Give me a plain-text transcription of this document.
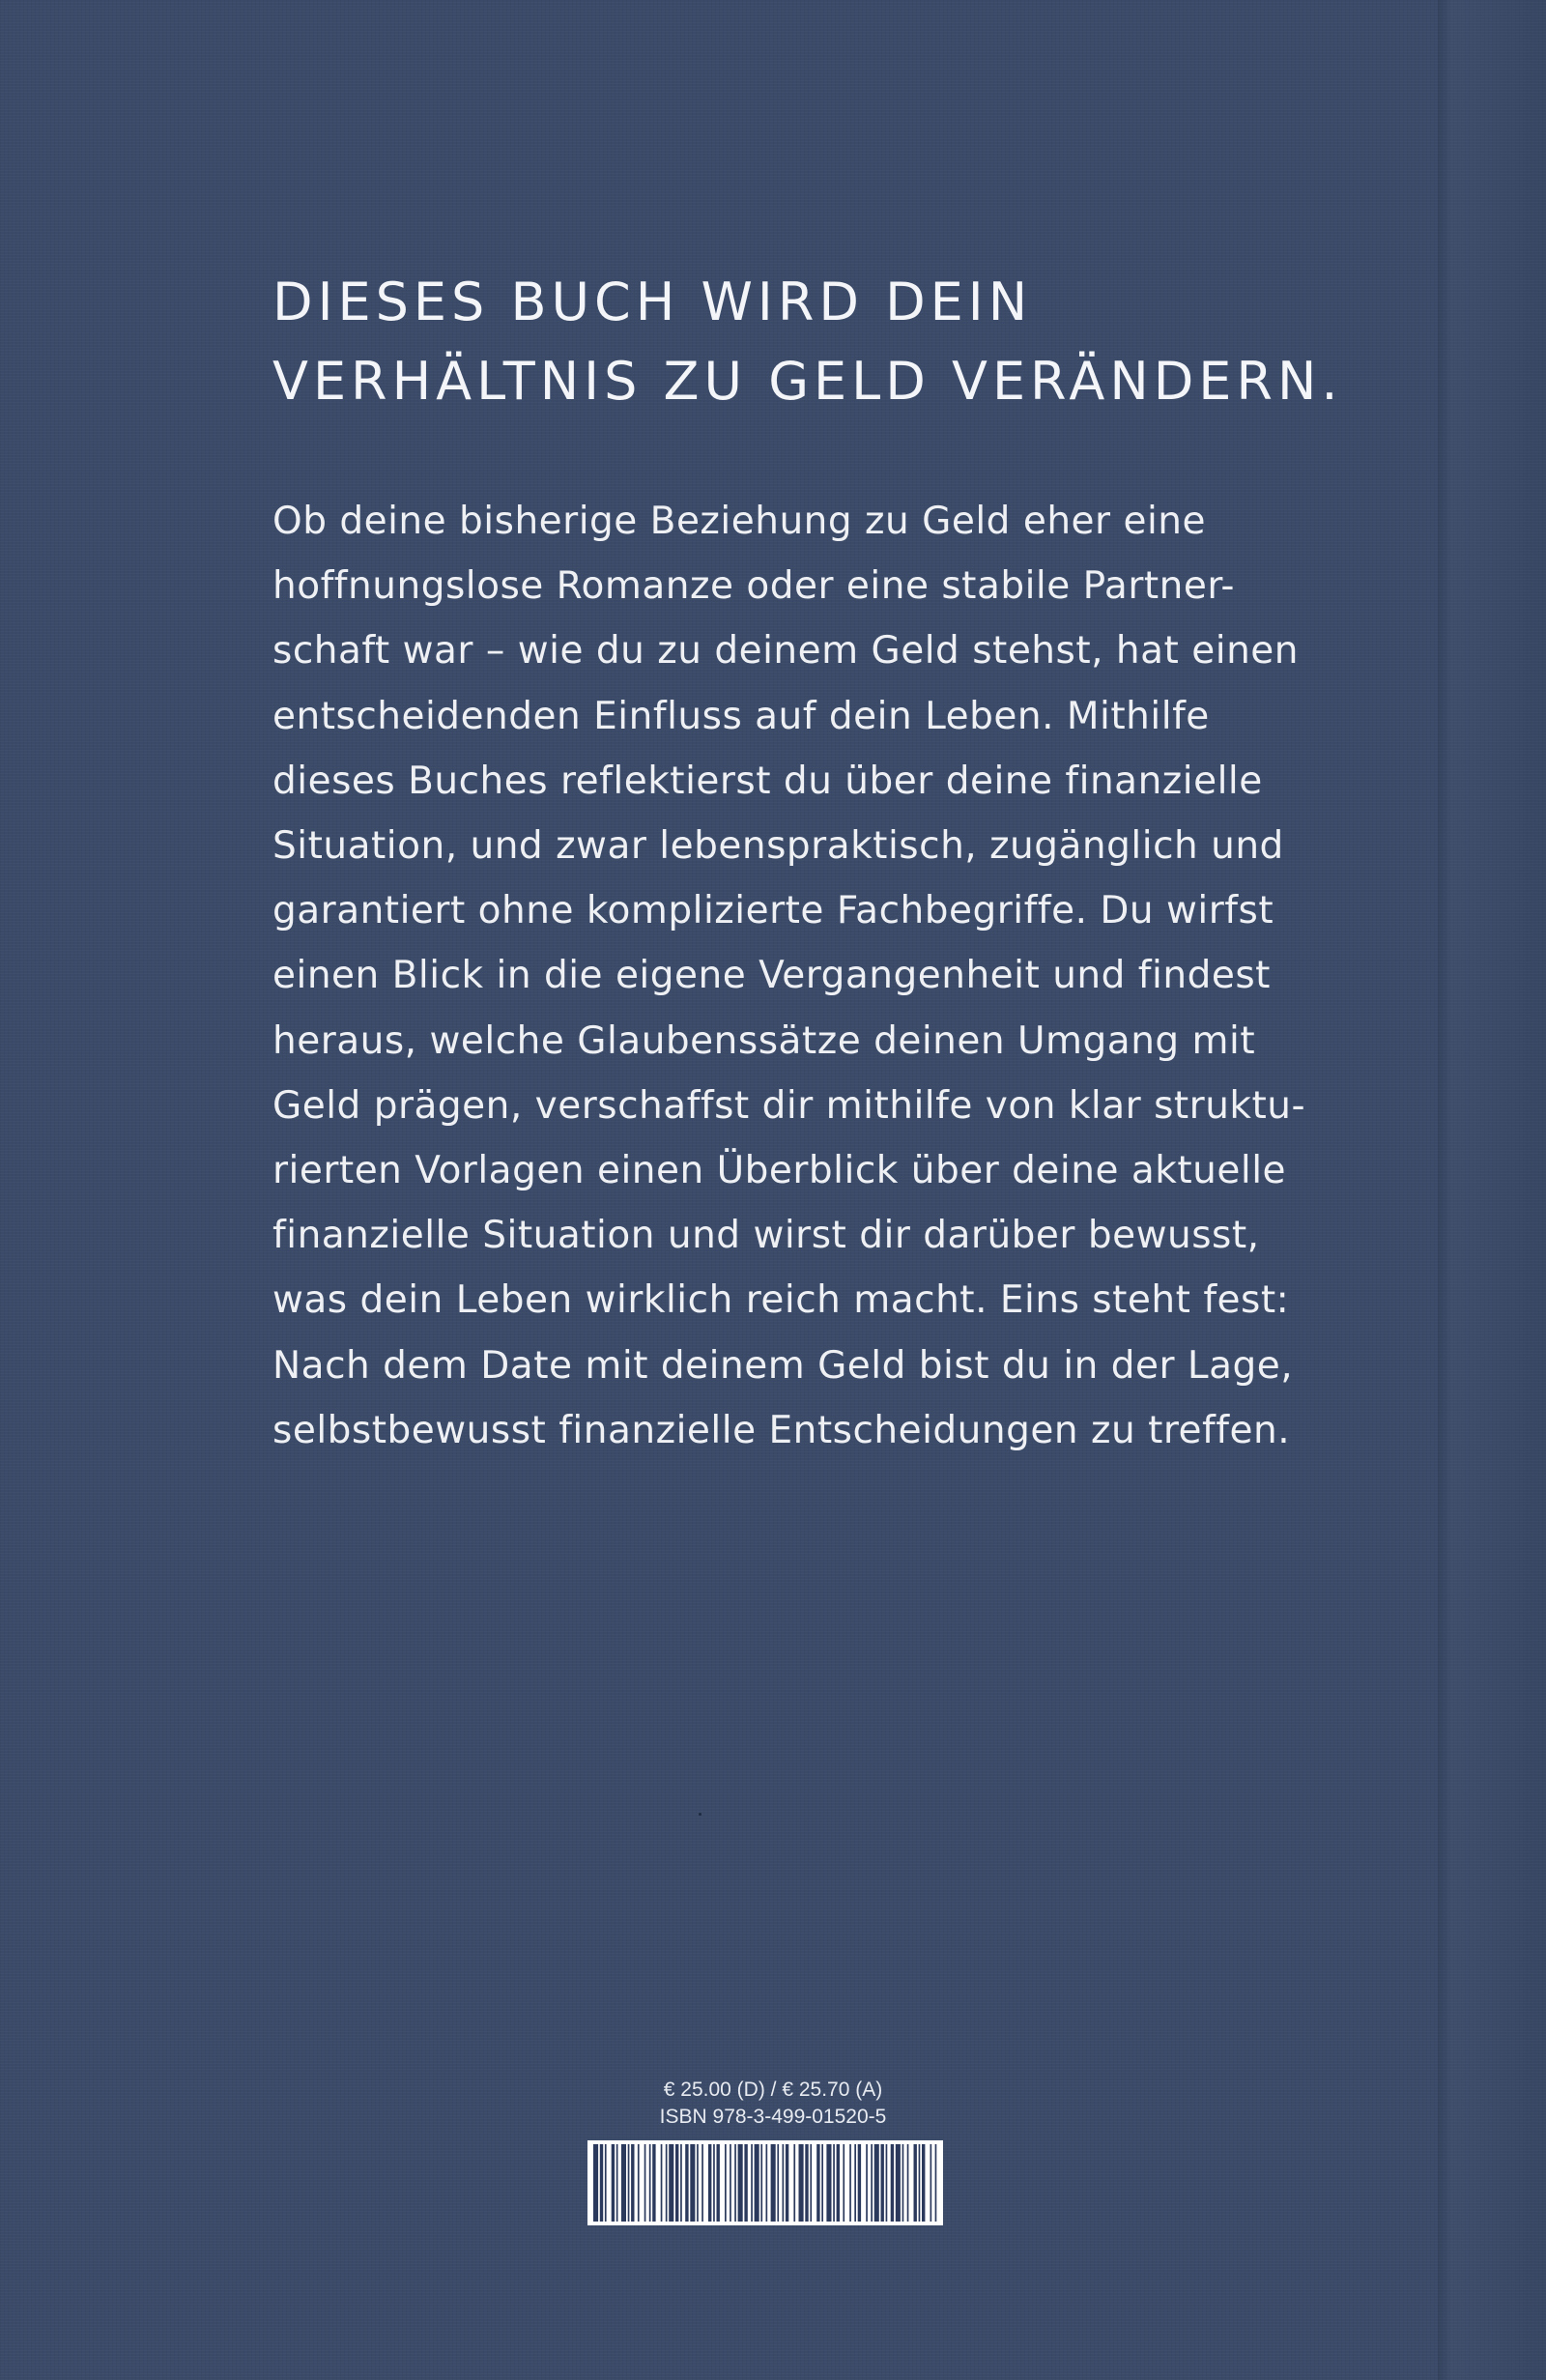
DIESES BUCH WIRD DEIN
VERHÄLTNIS ZU GELD VERÄNDERN.
Ob deine bisherige Beziehung zu Geld eher eine
hoffnungslose Romanze oder eine stabile Partner-
schaft war – wie du zu deinem Geld stehst, hat einen
entscheidenden Einfluss auf dein Leben. Mithilfe
dieses Buches reflektierst du über deine finanzielle
Situation, und zwar lebenspraktisch, zugänglich und
garantiert ohne komplizierte Fachbegriffe. Du wirfst
einen Blick in die eigene Vergangenheit und findest
heraus, welche Glaubenssätze deinen Umgang mit
Geld prägen, verschaffst dir mithilfe von klar struktu-
rierten Vorlagen einen Überblick über deine aktuelle
finanzielle Situation und wirst dir darüber bewusst,
was dein Leben wirklich reich macht. Eins steht fest:
Nach dem Date mit deinem Geld bist du in der Lage,
selbstbewusst finanzielle Entscheidungen zu treffen.
€ 25.00 (D) / € 25.70 (A)
ISBN 978-3-499-01520-5
